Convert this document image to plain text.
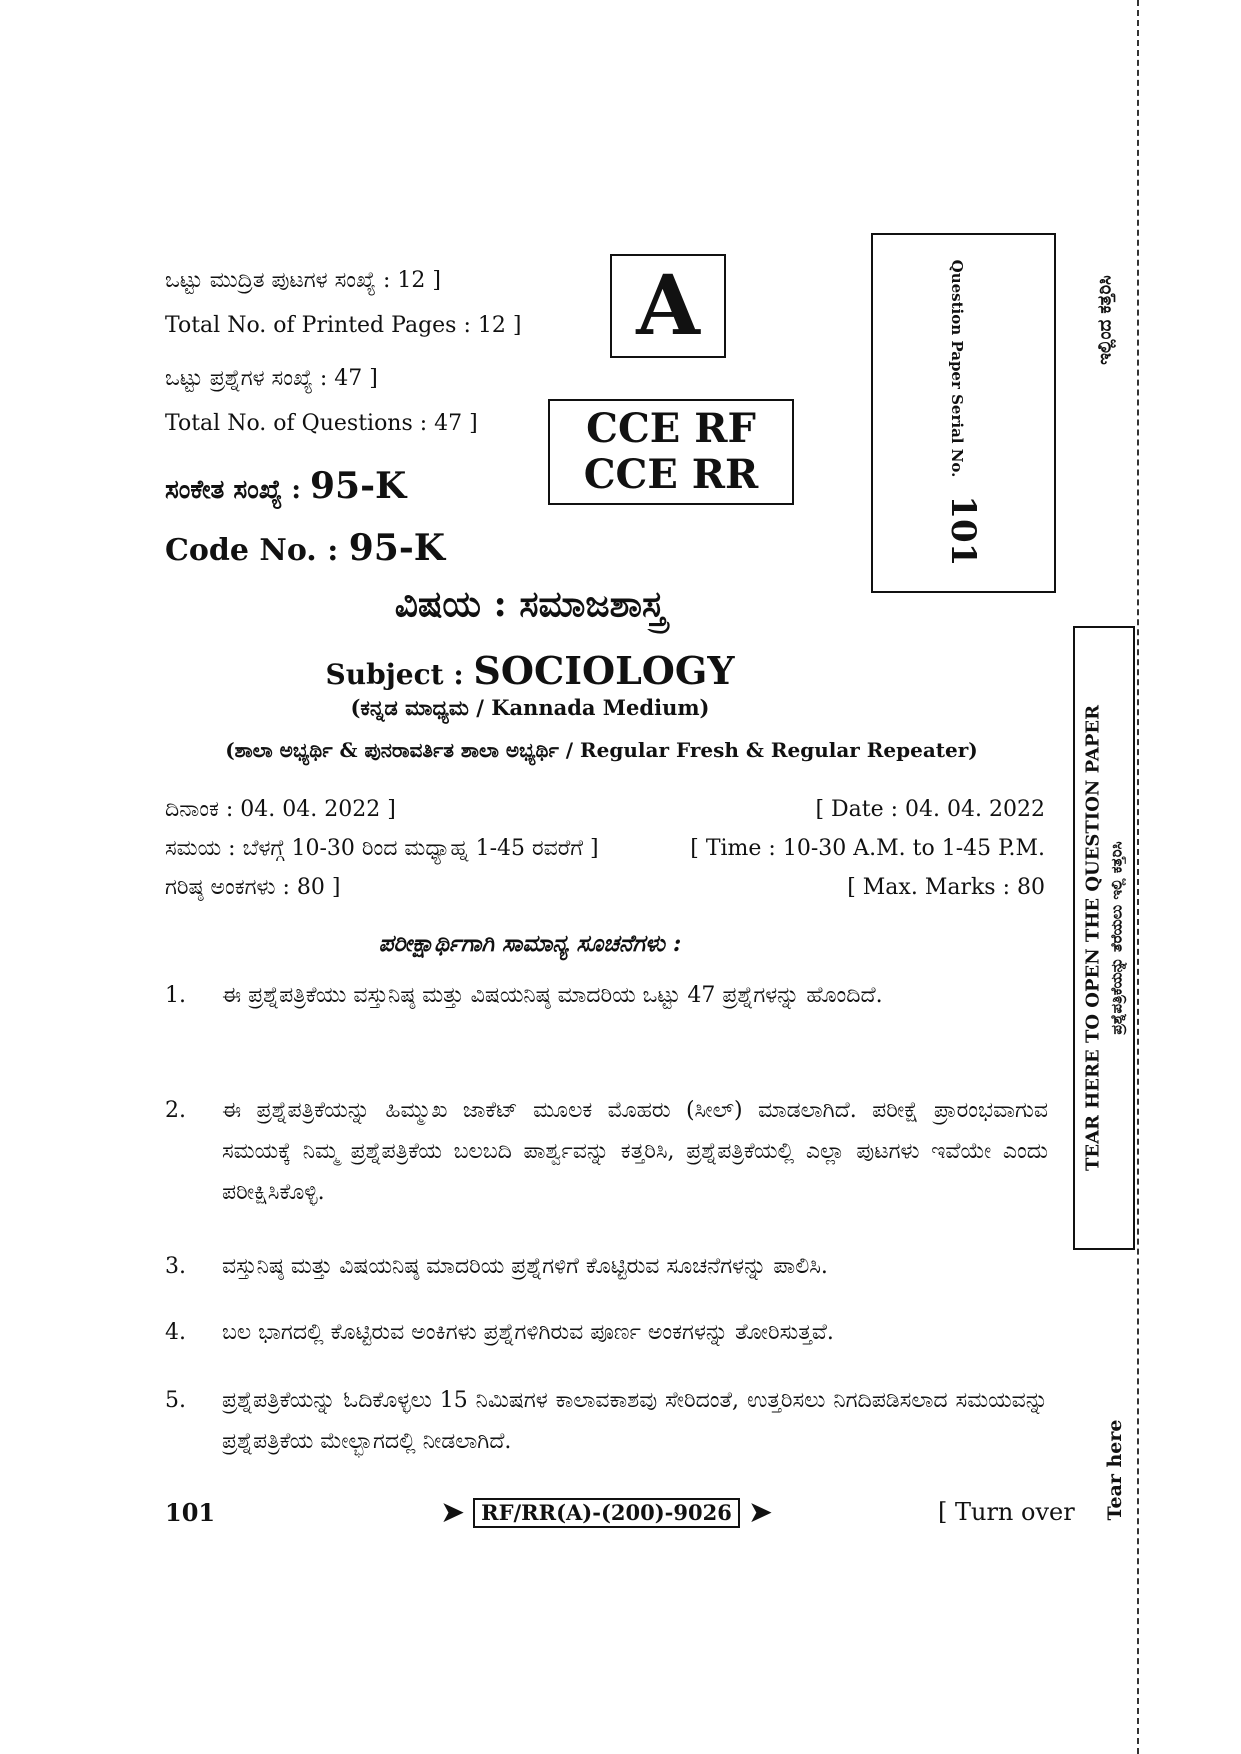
ಒಟ್ಟು ಮುದ್ರಿತ ಪುಟಗಳ ಸಂಖ್ಯೆ : 12 ]
Total No. of Printed Pages : 12 ]
ಒಟ್ಟು ಪ್ರಶ್ನೆಗಳ ಸಂಖ್ಯೆ : 47 ]
Total No. of Questions : 47 ]
ಸಂಕೇತ ಸಂಖ್ಯೆ : 95-K
Code No. : 95-K
A
CCE RF
CCE RR	Question Paper Serial No.
101
ವಿಷಯ : ಸಮಾಜಶಾಸ್ತ್ರ
Subject : SOCIOLOGY
(ಕನ್ನಡ ಮಾಧ್ಯಮ / Kannada Medium)
(ಶಾಲಾ ಅಭ್ಯರ್ಥಿ & ಪುನರಾವರ್ತಿತ ಶಾಲಾ ಅಭ್ಯರ್ಥಿ / Regular Fresh & Regular Repeater)
ದಿನಾಂಕ : 04. 04. 2022 ]	[ Date : 04. 04. 2022
ಸಮಯ : ಬೆಳಗ್ಗೆ 10-30 ರಿಂದ ಮಧ್ಯಾಹ್ನ 1-45 ರವರೆಗೆ ]	[ Time : 10-30 A.M. to 1-45 P.M.
ಗರಿಷ್ಠ ಅಂಕಗಳು : 80 ]	[ Max. Marks : 80
ಪರೀಕ್ಷಾರ್ಥಿಗಾಗಿ ಸಾಮಾನ್ಯ ಸೂಚನೆಗಳು :
1.	ಈ ಪ್ರಶ್ನೆಪತ್ರಿಕೆಯು ವಸ್ತುನಿಷ್ಠ ಮತ್ತು ವಿಷಯನಿಷ್ಠ ಮಾದರಿಯ ಒಟ್ಟು 47 ಪ್ರಶ್ನೆಗಳನ್ನು ಹೊಂದಿದೆ.
2.	ಈ ಪ್ರಶ್ನೆಪತ್ರಿಕೆಯನ್ನು ಹಿಮ್ಮುಖ ಜಾಕೆಟ್ ಮೂಲಕ ಮೊಹರು (ಸೀಲ್) ಮಾಡಲಾಗಿದೆ. ಪರೀಕ್ಷೆ ಪ್ರಾರಂಭವಾಗುವ ಸಮಯಕ್ಕೆ ನಿಮ್ಮ ಪ್ರಶ್ನೆಪತ್ರಿಕೆಯ ಬಲಬದಿ ಪಾರ್ಶ್ವವನ್ನು ಕತ್ತರಿಸಿ, ಪ್ರಶ್ನೆಪತ್ರಿಕೆಯಲ್ಲಿ ಎಲ್ಲಾ ಪುಟಗಳು ಇವೆಯೇ ಎಂದು ಪರೀಕ್ಷಿಸಿಕೊಳ್ಳಿ.
3.	ವಸ್ತುನಿಷ್ಠ ಮತ್ತು ವಿಷಯನಿಷ್ಠ ಮಾದರಿಯ ಪ್ರಶ್ನೆಗಳಿಗೆ ಕೊಟ್ಟಿರುವ ಸೂಚನೆಗಳನ್ನು ಪಾಲಿಸಿ.
4.	ಬಲ ಭಾಗದಲ್ಲಿ ಕೊಟ್ಟಿರುವ ಅಂಕಿಗಳು ಪ್ರಶ್ನೆಗಳಿಗಿರುವ ಪೂರ್ಣ ಅಂಕಗಳನ್ನು ತೋರಿಸುತ್ತವೆ.
5.	ಪ್ರಶ್ನೆಪತ್ರಿಕೆಯನ್ನು ಓದಿಕೊಳ್ಳಲು 15 ನಿಮಿಷಗಳ ಕಾಲಾವಕಾಶವು ಸೇರಿದಂತೆ, ಉತ್ತರಿಸಲು ನಿಗದಿಪಡಿಸಲಾದ ಸಮಯವನ್ನು ಪ್ರಶ್ನೆಪತ್ರಿಕೆಯ ಮೇಲ್ಭಾಗದಲ್ಲಿ ನೀಡಲಾಗಿದೆ.
101	➤ RF/RR(A)-(200)-9026 ➤	[ Turn over
ಇಲ್ಲಿಂದ ಕತ್ತರಿಸಿ
TEAR HERE TO OPEN THE QUESTION PAPER ಪ್ರಶ್ನೆಪತ್ರಿಕೆಯನ್ನು ತೆರೆಯಲು ಇಲ್ಲಿ ಕತ್ತರಿಸಿ
Tear here
